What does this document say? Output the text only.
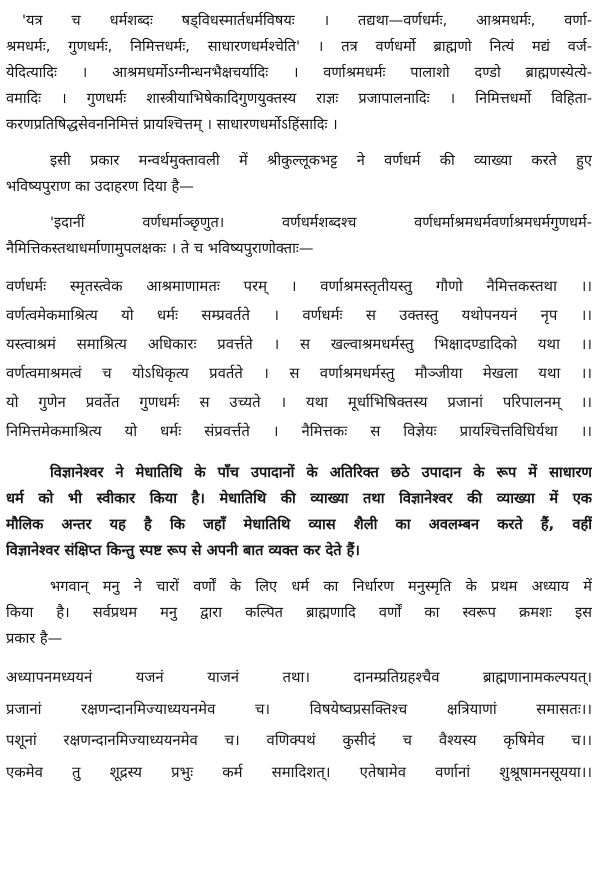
'यत्र च धर्मशब्दः षड्विधस्मार्तधर्मविषयः । तद्यथा—वर्णधर्मः, आश्रमधर्मः, वर्णा-
श्रमधर्मः, गुणधर्मः, निमित्तधर्मः, साधारणधर्मश्चेति' । तत्र वर्णधर्मो ब्राह्मणो नित्यं मद्यं वर्ज-
येदित्यादिः । आश्रमधर्मोऽग्नीन्धनभैक्षचर्यादिः । वर्णाश्रमधर्मः पालाशो दण्डो ब्राह्मणस्येत्ये-
वमादिः । गुणधर्मः शास्त्रीयाभिषेकादिगुणयुक्तस्य राज्ञः प्रजापालनादिः । निमित्तधर्मो विहिता-
करणप्रतिषिद्धसेवननिमित्तं प्रायश्चित्तम् । साधारणधर्मोऽहिंसादिः ।
इसी प्रकार मन्वर्थमुक्तावली में श्रीकुल्लूकभट्ट ने वर्णधर्म की व्याख्या करते हुए
भविष्यपुराण का उदाहरण दिया है—
'इदानीं वर्णधर्माञ्छृणुत। वर्णधर्मशब्दश्च वर्णधर्माश्रमधर्मवर्णाश्रमधर्मगुणधर्म-
नैमित्तिकस्तथाधर्माणामुपलक्षकः । ते च भविष्यपुराणोक्ताः—
वर्णधर्मः स्मृतस्त्वेक आश्रमाणामतः परम् । वर्णाश्रमस्तृतीयस्तु गौणो नैमित्तकस्तथा ।।
वर्णत्वमेकमाश्रित्य यो धर्मः सम्प्रवर्तते । वर्णधर्मः स उक्तस्तु यथोपनयनं नृप ।।
यस्त्वाश्रमं समाश्रित्य अधिकारः प्रवर्त्तते । स खल्वाश्रमधर्मस्तु भिक्षादण्डादिको यथा ।।
वर्णत्वमाश्रमत्वं च योऽधिकृत्य प्रवर्तते । स वर्णाश्रमधर्मस्तु मौञ्जीया मेखला यथा ।।
यो गुणेन प्रवर्तेत गुणधर्मः स उच्यते । यथा मूर्धाभिषिक्तस्य प्रजानां परिपालनम् ।।
निमित्तमेकमाश्रित्य यो धर्मः संप्रवर्त्तते । नैमित्तकः स विज्ञेयः प्रायश्चित्तविधिर्यथा ।।
विज्ञानेश्वर ने मेधातिथि के पाँच उपादानों के अतिरिक्त छठे उपादान के रूप में साधारण
धर्म को भी स्वीकार किया है। मेधातिथि की व्याख्या तथा विज्ञानेश्वर की व्याख्या में एक
मौलिक अन्तर यह है कि जहाँ मेधातिथि व्यास शैली का अवलम्बन करते हैं, वहीं
विज्ञानेश्वर संक्षिप्त किन्तु स्पष्ट रूप से अपनी बात व्यक्त कर देते हैं।
भगवान् मनु ने चारों वर्णों के लिए धर्म का निर्धारण मनुस्मृति के प्रथम अध्याय में
किया है। सर्वप्रथम मनु द्वारा कल्पित ब्राह्मणादि वर्णों का स्वरूप क्रमशः इस
प्रकार है—
अध्यापनमध्ययनं यजनं याजनं तथा। दानम्प्रतिग्रहश्चैव ब्राह्मणानामकल्पयत्।
प्रजानां रक्षणन्दानमिज्याध्ययनमेव च। विषयेष्वप्रसक्तिश्च क्षत्रियाणां समासतः।।
पशूनां रक्षणन्दानमिज्याध्ययनमेव च। वणिक्पथं कुसीदं च वैश्यस्य कृषिमेव च।।
एकमेव तु शूद्रस्य प्रभुः कर्म समादिशत्। एतेषामेव वर्णानां शुश्रूषामनसूयया।।
